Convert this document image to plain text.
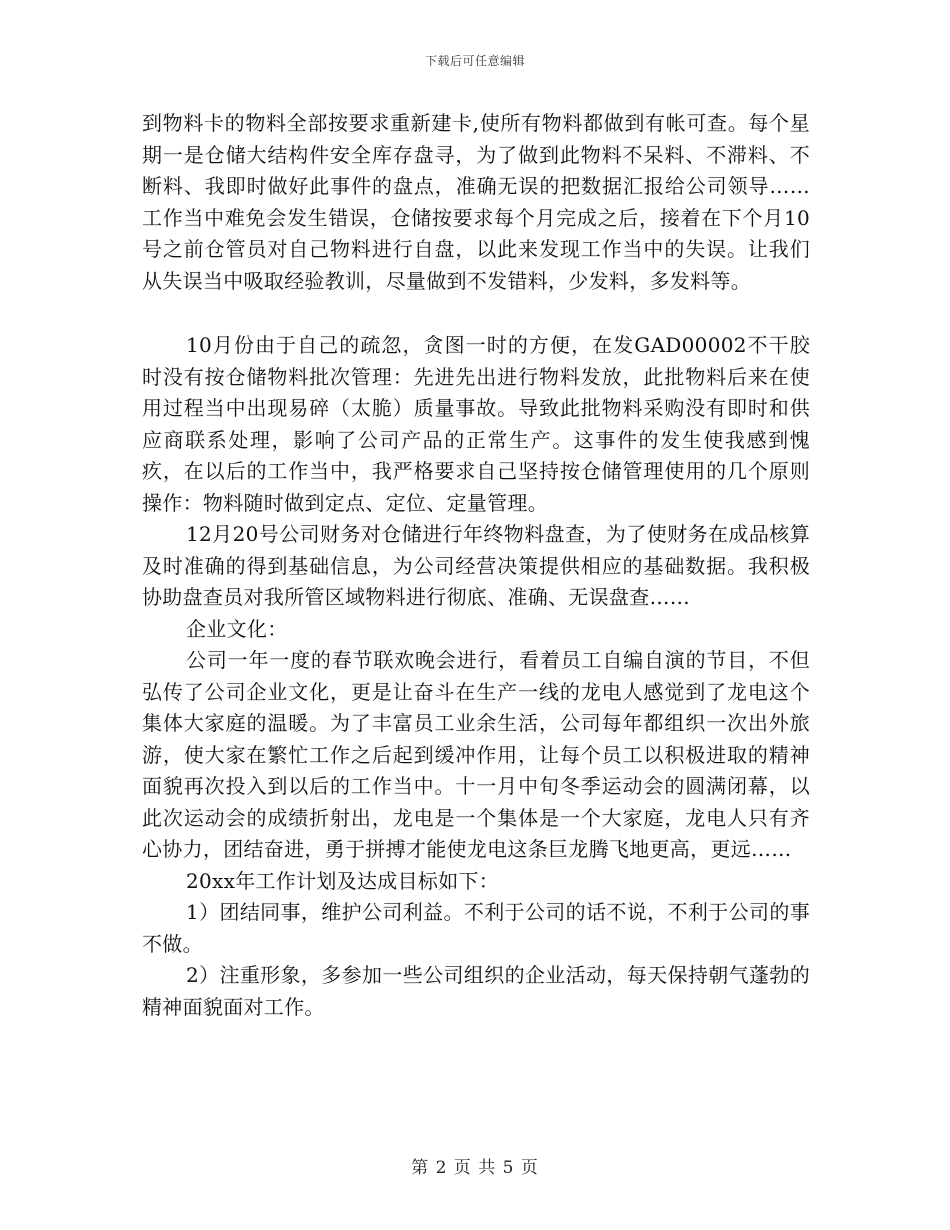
下载后可任意编辑

到物料卡的物料全部按要求重新建卡,使所有物料都做到有帐可查。每个星期一是仓储大结构件安全库存盘寻，为了做到此物料不呆料、不滞料、不断料、我即时做好此事件的盘点，准确无误的把数据汇报给公司领导……工作当中难免会发生错误，仓储按要求每个月完成之后，接着在下个月10号之前仓管员对自己物料进行自盘，以此来发现工作当中的失误。让我们从失误当中吸取经验教训，尽量做到不发错料，少发料，多发料等。

10月份由于自己的疏忽，贪图一时的方便，在发GAD00002不干胶时没有按仓储物料批次管理：先进先出进行物料发放，此批物料后来在使用过程当中出现易碎（太脆）质量事故。导致此批物料采购没有即时和供应商联系处理，影响了公司产品的正常生产。这事件的发生使我感到愧疚，在以后的工作当中，我严格要求自己坚持按仓储管理使用的几个原则操作：物料随时做到定点、定位、定量管理。

12月20号公司财务对仓储进行年终物料盘查，为了使财务在成品核算及时准确的得到基础信息，为公司经营决策提供相应的基础数据。我积极协助盘查员对我所管区域物料进行彻底、准确、无误盘查……

企业文化：

公司一年一度的春节联欢晚会进行，看着员工自编自演的节目，不但弘传了公司企业文化，更是让奋斗在生产一线的龙电人感觉到了龙电这个集体大家庭的温暖。为了丰富员工业余生活，公司每年都组织一次出外旅游，使大家在繁忙工作之后起到缓冲作用，让每个员工以积极进取的精神面貌再次投入到以后的工作当中。十一月中旬冬季运动会的圆满闭幕，以此次运动会的成绩折射出，龙电是一个集体是一个大家庭，龙电人只有齐心协力，团结奋进，勇于拼搏才能使龙电这条巨龙腾飞地更高，更远……

20xx年工作计划及达成目标如下：

1）团结同事，维护公司利益。不利于公司的话不说，不利于公司的事不做。

2）注重形象，多参加一些公司组织的企业活动，每天保持朝气蓬勃的精神面貌面对工作。

第 2 页 共 5 页
